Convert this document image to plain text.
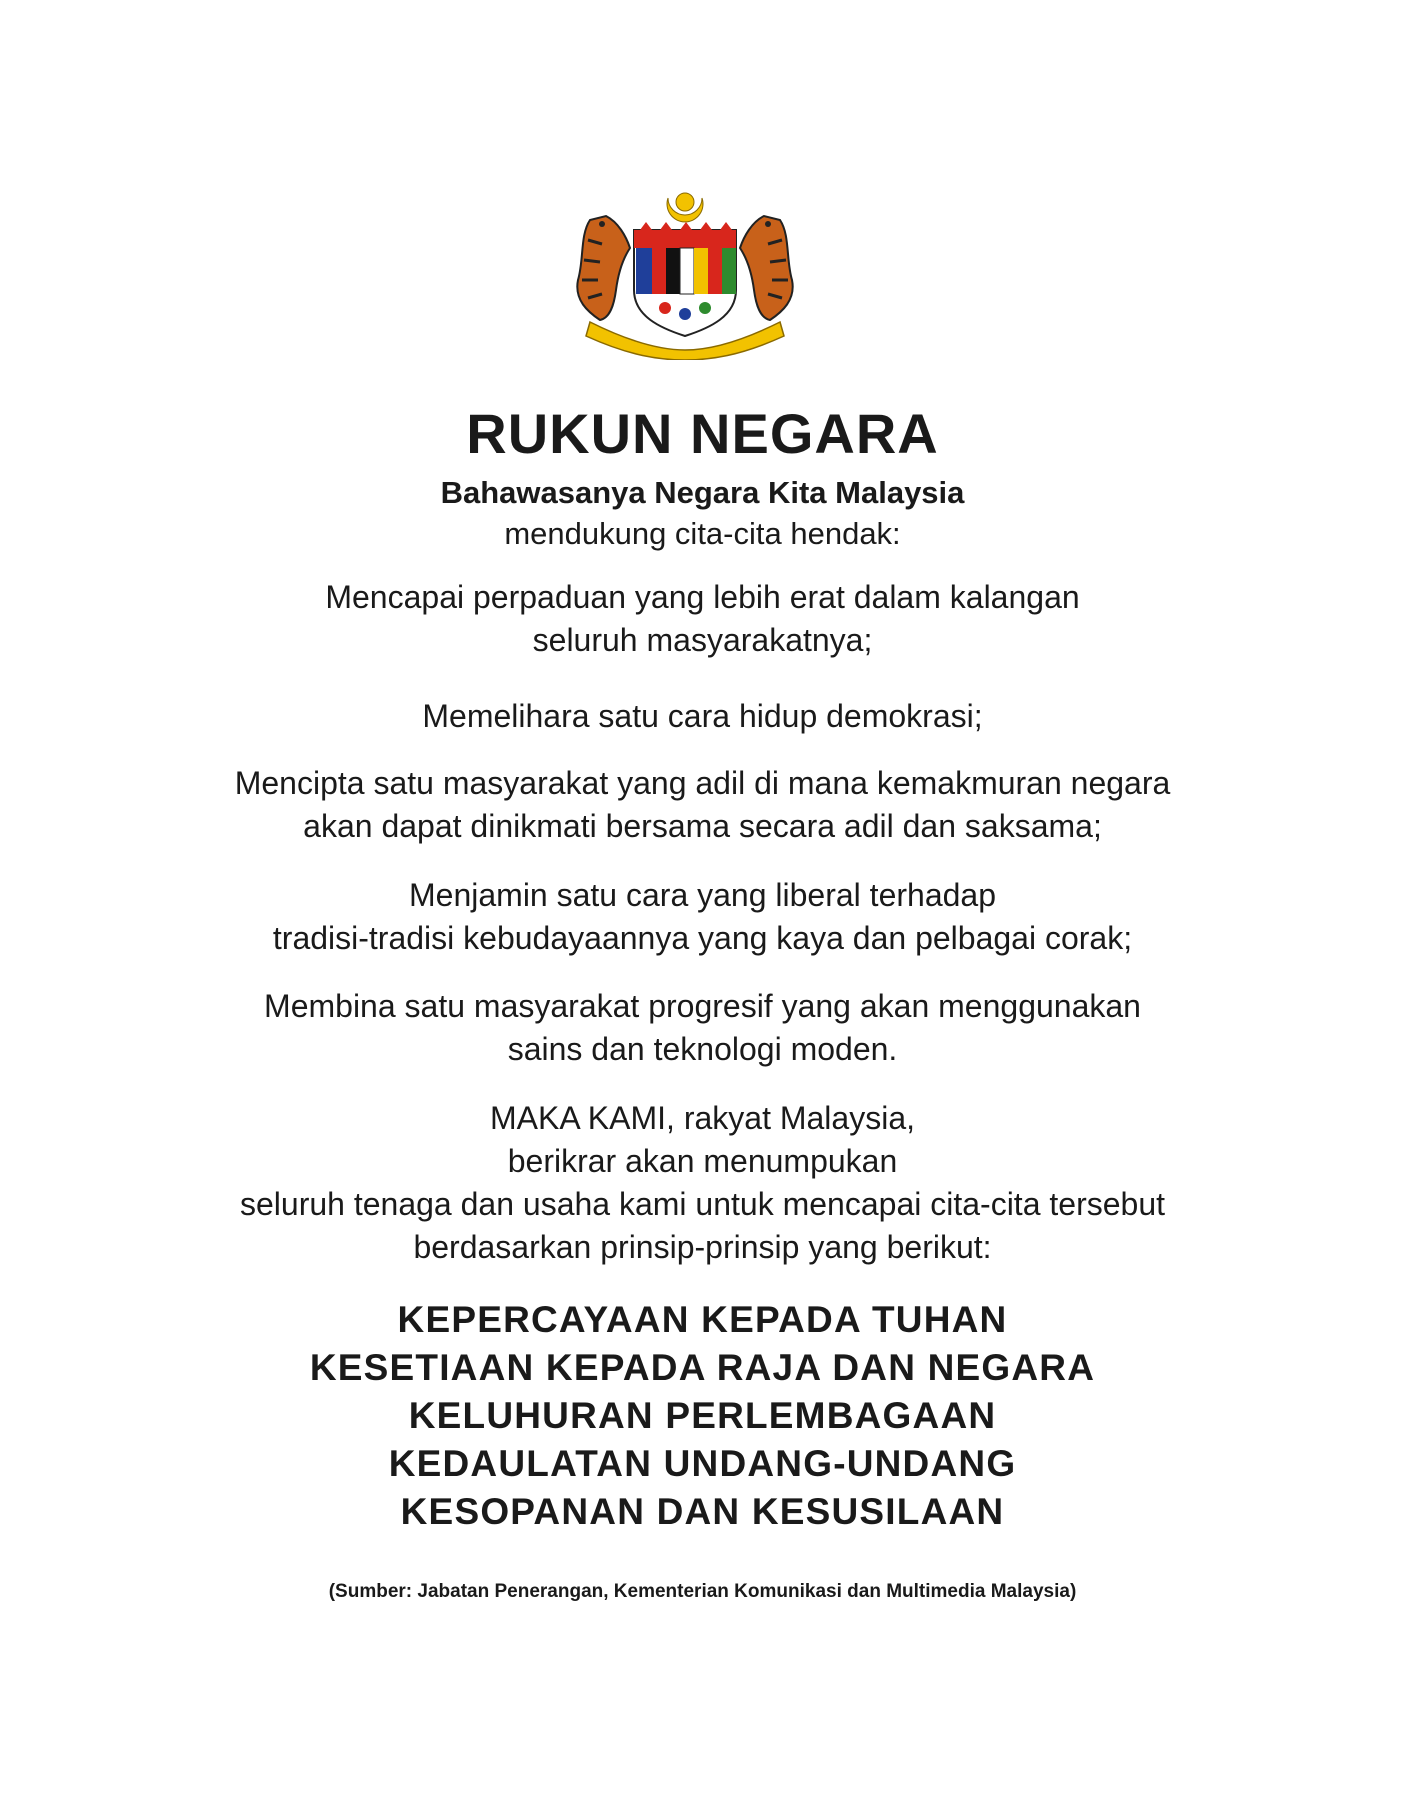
RUKUN NEGARA
Bahawasanya Negara Kita Malaysia
mendukung cita-cita hendak:
Mencapai perpaduan yang lebih erat dalam kalangan
seluruh masyarakatnya;
Memelihara satu cara hidup demokrasi;
Mencipta satu masyarakat yang adil di mana kemakmuran negara
akan dapat dinikmati bersama secara adil dan saksama;
Menjamin satu cara yang liberal terhadap
tradisi-tradisi kebudayaannya yang kaya dan pelbagai corak;
Membina satu masyarakat progresif yang akan menggunakan
sains dan teknologi moden.
MAKA KAMI, rakyat Malaysia,
berikrar akan menumpukan
seluruh tenaga dan usaha kami untuk mencapai cita-cita tersebut
berdasarkan prinsip-prinsip yang berikut:
KEPERCAYAAN KEPADA TUHAN
KESETIAAN KEPADA RAJA DAN NEGARA
KELUHURAN PERLEMBAGAAN
KEDAULATAN UNDANG-UNDANG
KESOPANAN DAN KESUSILAAN
(Sumber: Jabatan Penerangan, Kementerian Komunikasi dan Multimedia Malaysia)
